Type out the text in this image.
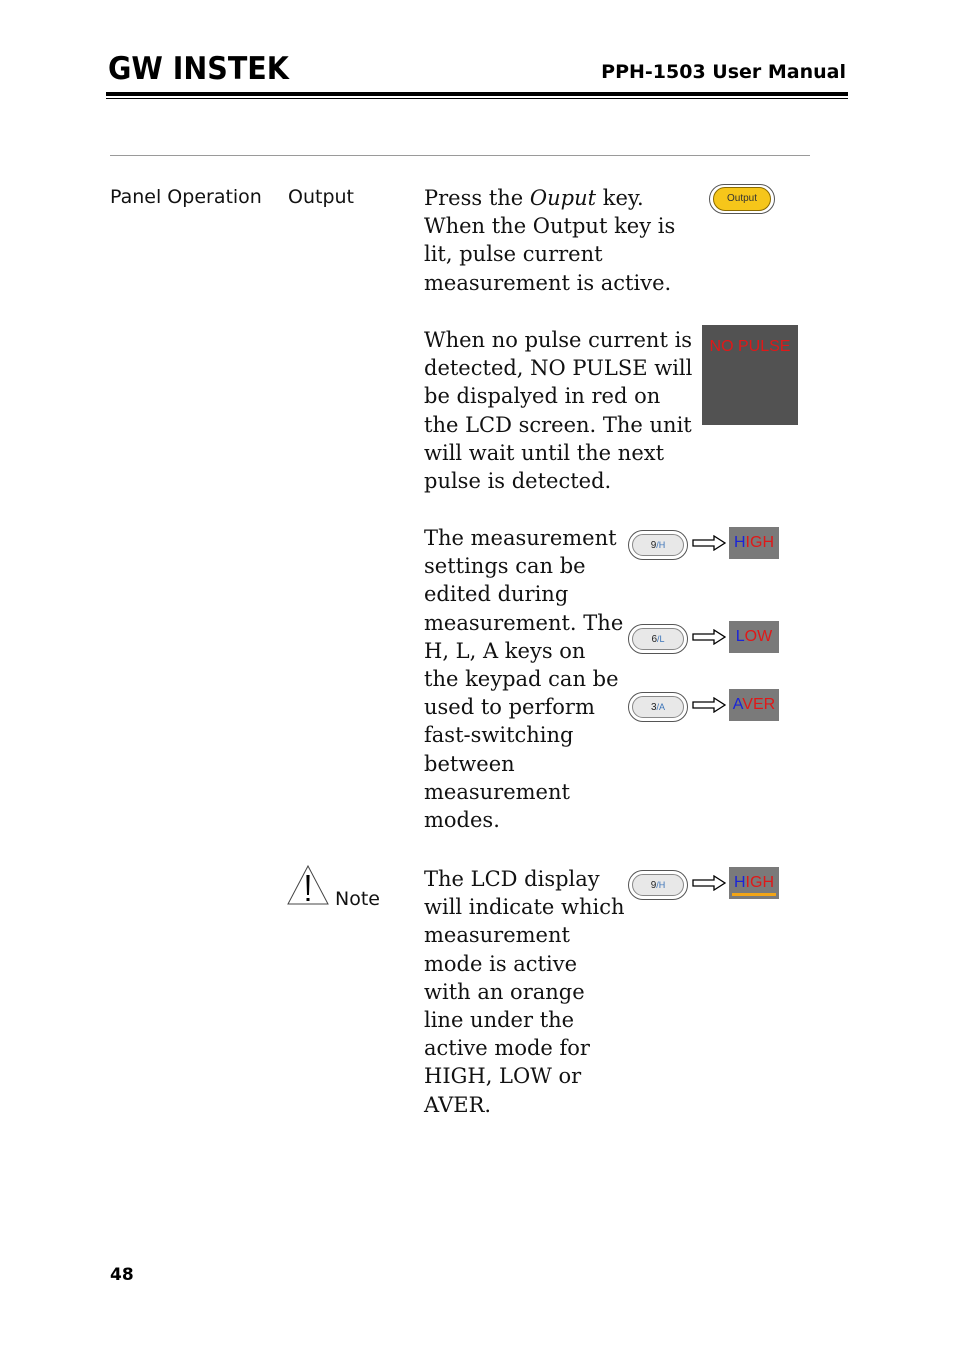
GW INSTEK	PPH-1503 User Manual
Panel Operation Output	Press the Ouput key. When the Output key is lit, pulse current measurement is active.
Output
When no pulse current is detected, NO PULSE will be dispalyed in red on the LCD screen. The unit will wait until the next pulse is detected.
NO PULSE
The measurement settings can be edited during measurement. The H, L, A keys on the keypad can be used to perform fast-switching between measurement modes.
9/H	HIGH
6/L	LOW
3/A	AVER
Note
The LCD display will indicate which measurement mode is active with an orange line under the active mode for HIGH, LOW or AVER.
9/H	HIGH
48
